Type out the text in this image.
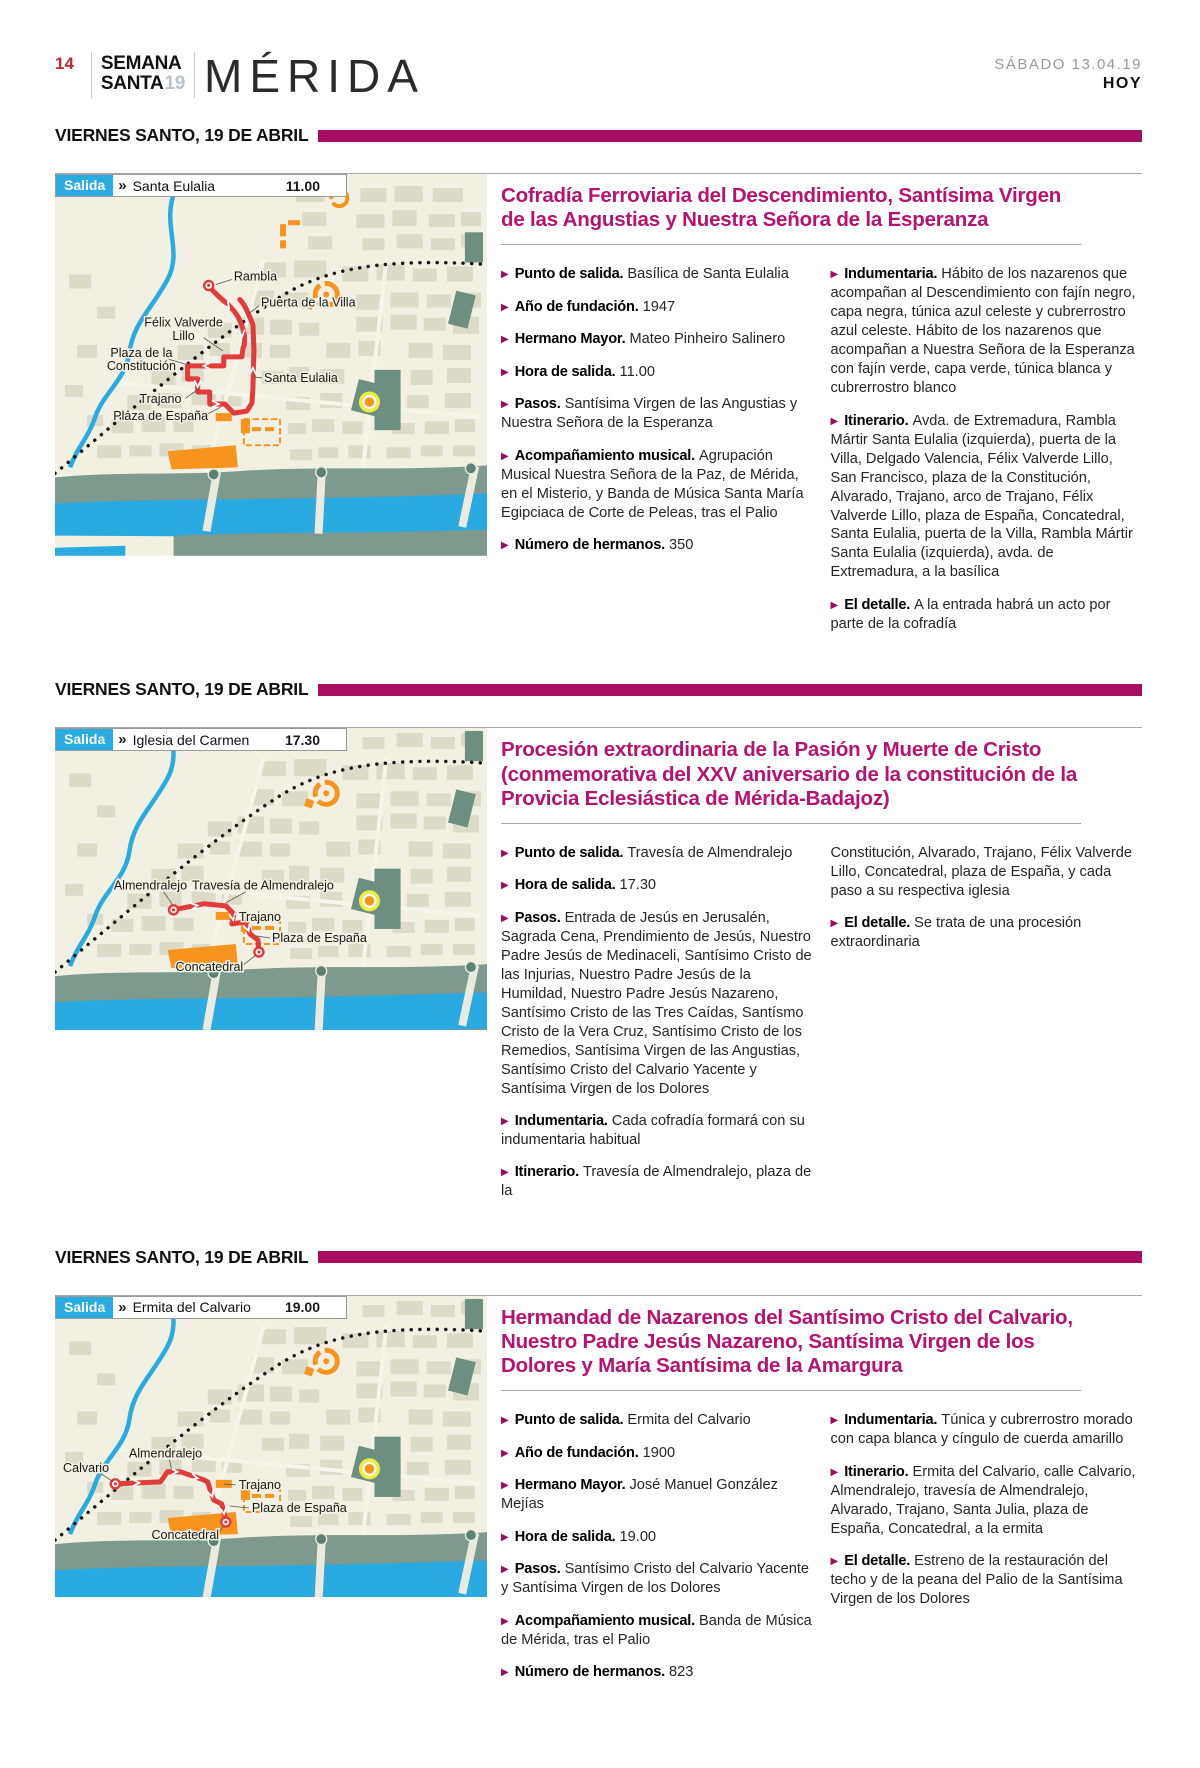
14 SEMANA
SANTA19 MÉRIDA	SÁBADO 13.04.19
HOY
VIERNES SANTO, 19 DE ABRIL
Salida » Santa Eulalia	11.00
Rambla
Puerta de la Villa
Félix Valverde
Lillo
Plaza de la
Constitución
Santa Eulalia
Trajano
Plaza de España
Cofradía Ferroviaria del Descendimiento, Santísima Virgen de las Angustias y Nuestra Señora de la Esperanza

▶ Punto de salida. Basílica de Santa Eulalia

▶ Año de fundación. 1947

▶ Hermano Mayor. Mateo Pinheiro Salinero

▶ Hora de salida. 11.00

▶ Pasos. Santísima Virgen de las Angustias y Nuestra Señora de la Esperanza

▶ Acompañamiento musical. Agrupación Musical Nuestra Señora de la Paz, de Mérida, en el Misterio, y Banda de Música Santa María Egipciaca de Corte de Peleas, tras el Palio

▶ Número de hermanos. 350

▶ Indumentaria. Hábito de los nazarenos que acompañan al Descendimiento con fajín negro, capa negra, túnica azul celeste y cubrerrostro azul celeste. Hábito de los nazarenos que acompañan a Nuestra Señora de la Esperanza con fajín verde, capa verde, túnica blanca y cubrerrostro blanco

▶ Itinerario. Avda. de Extremadura, Rambla Mártir Santa Eulalia (izquierda), puerta de la Villa, Delgado Valencia, Félix Valverde Lillo, San Francisco, plaza de la Constitución, Alvarado, Trajano, arco de Trajano, Félix Valverde Lillo, plaza de España, Concatedral, Santa Eulalia, puerta de la Villa, Rambla Mártir Santa Eulalia (izquierda), avda. de Extremadura, a la basílica

▶ El detalle. A la entrada habrá un acto por parte de la cofradía

VIERNES SANTO, 19 DE ABRIL
Salida » Iglesia del Carmen	17.30
Almendralejo Travesía de Almendralejo
Trajano
Plaza de España
Concatedral
Procesión extraordinaria de la Pasión y Muerte de Cristo (conmemorativa del XXV aniversario de la constitución de la Provicia Eclesiástica de Mérida-Badajoz)

▶ Punto de salida. Travesía de Almendralejo

▶ Hora de salida. 17.30

▶ Pasos. Entrada de Jesús en Jerusalén, Sagrada Cena, Prendimiento de Jesús, Nuestro Padre Jesús de Medinaceli, Santísimo Cristo de las Injurias, Nuestro Padre Jesús de la Humildad, Nuestro Padre Jesús Nazareno, Santísimo Cristo de las Tres Caídas, Santísmo Cristo de la Vera Cruz, Santísimo Cristo de los Remedios, Santísima Virgen de las Angustias, Santísimo Cristo del Calvario Yacente y Santísima Virgen de los Dolores

▶ Indumentaria. Cada cofradía formará con su indumentaria habitual

▶ Itinerario. Travesía de Almendralejo, plaza de la

Constitución, Alvarado, Trajano, Félix Valverde Lillo, Concatedral, plaza de España, y cada paso a su respectiva iglesia

▶ El detalle. Se trata de una procesión extraordinaria

VIERNES SANTO, 19 DE ABRIL
Salida » Ermita del Calvario 19.00
Calvario
Almendralejo
Trajano
Plaza de España
Concatedral
Hermandad de Nazarenos del Santísimo Cristo del Calvario, Nuestro Padre Jesús Nazareno, Santísima Virgen de los Dolores y María Santísima de la Amargura

▶ Punto de salida. Ermita del Calvario

▶ Año de fundación. 1900

▶ Hermano Mayor. José Manuel González Mejías

▶ Hora de salida. 19.00

▶ Pasos. Santísimo Cristo del Calvario Yacente y Santísima Virgen de los Dolores

▶ Acompañamiento musical. Banda de Música de Mérida, tras el Palio

▶ Número de hermanos. 823

▶ Indumentaria. Túnica y cubrerrostro morado con capa blanca y cíngulo de cuerda amarillo

▶ Itinerario. Ermita del Calvario, calle Calvario, Almendralejo, travesía de Almendralejo, Alvarado, Trajano, Santa Julia, plaza de España, Concatedral, a la ermita

▶ El detalle. Estreno de la restauración del techo y de la peana del Palio de la Santísima Virgen de los Dolores
